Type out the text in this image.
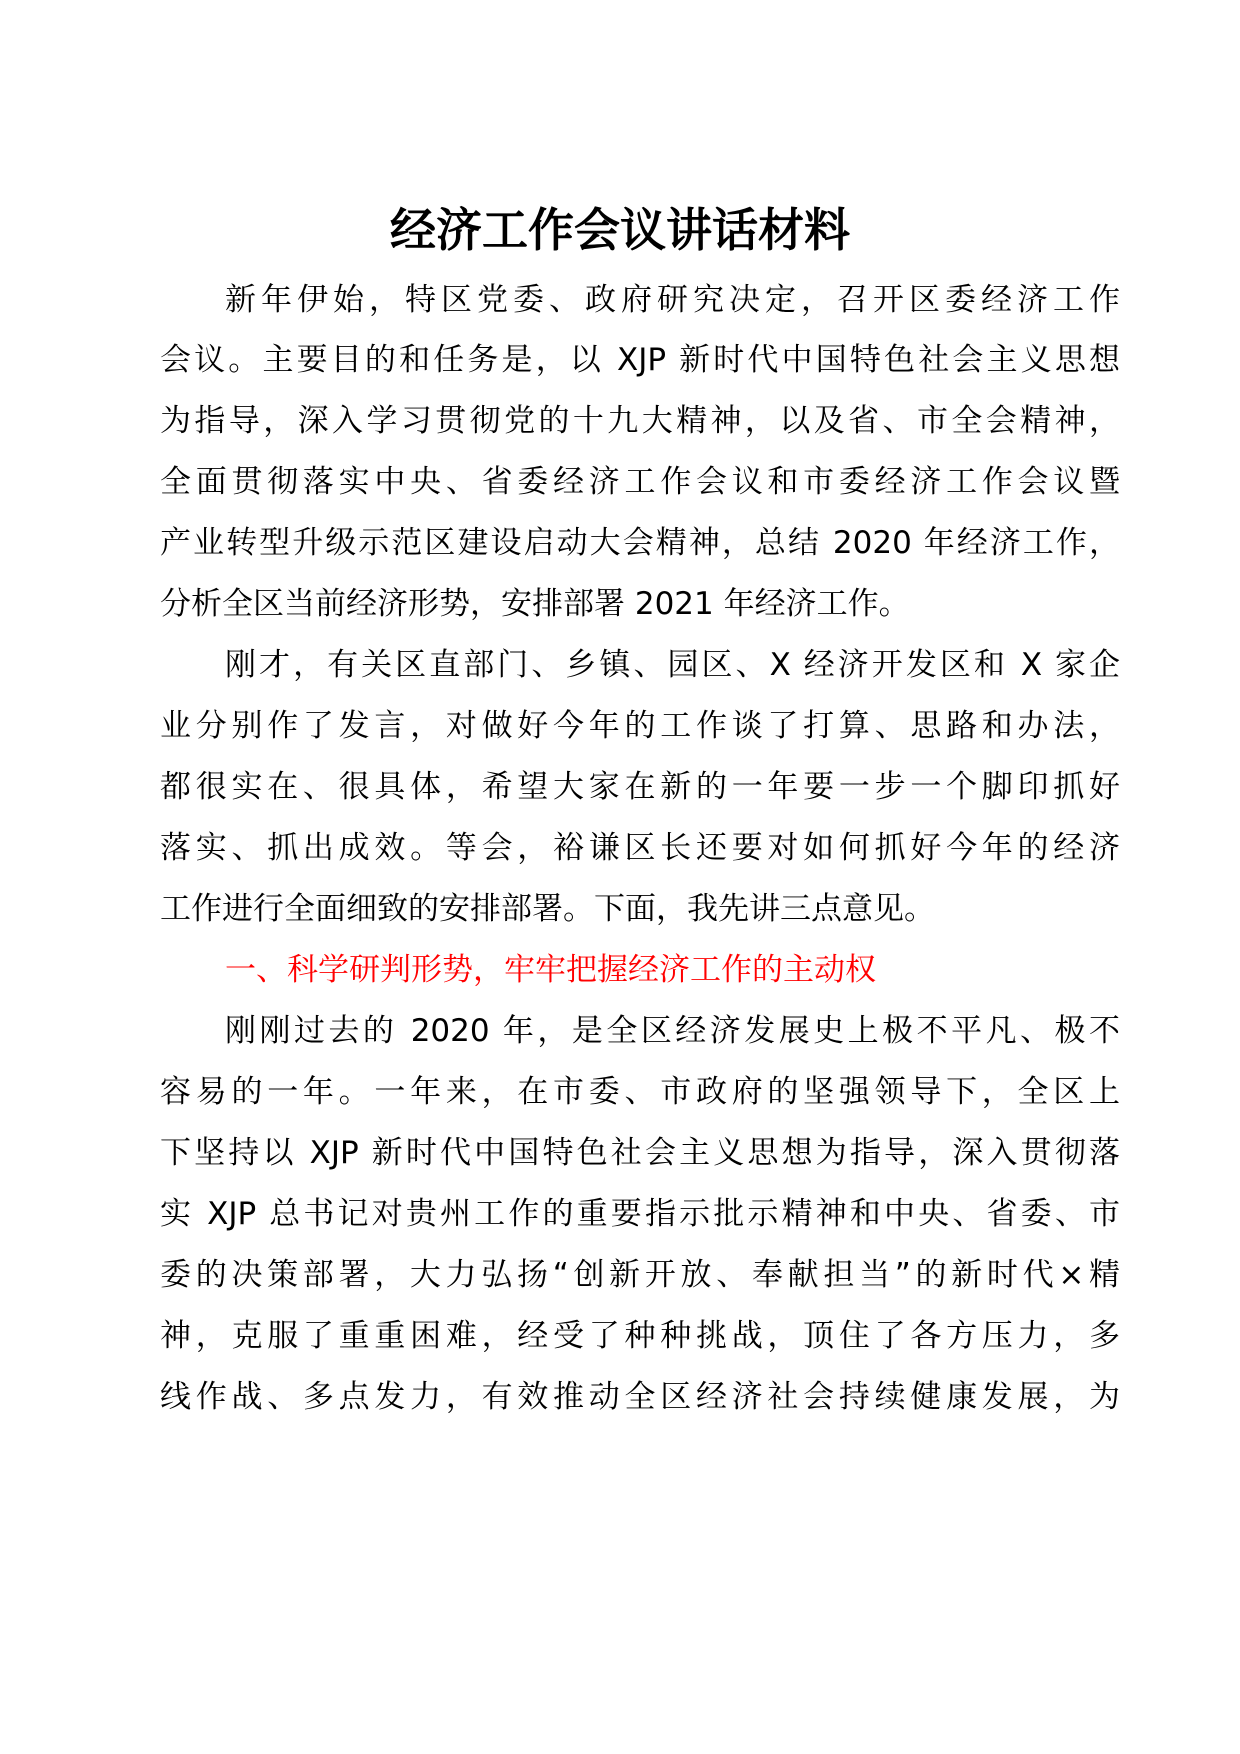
经济工作会议讲话材料
新年伊始，特区党委、政府研究决定，召开区委经济工作
会议。主要目的和任务是，以 XJP 新时代中国特色社会主义思想
为指导，深入学习贯彻党的十九大精神，以及省、市全会精神，
全面贯彻落实中央、省委经济工作会议和市委经济工作会议暨
产业转型升级示范区建设启动大会精神，总结 2020 年经济工作，
分析全区当前经济形势，安排部署 2021 年经济工作。
刚才，有关区直部门、乡镇、园区、X 经济开发区和 X 家企
业分别作了发言，对做好今年的工作谈了打算、思路和办法，
都很实在、很具体，希望大家在新的一年要一步一个脚印抓好
落实、抓出成效。等会，裕谦区长还要对如何抓好今年的经济
工作进行全面细致的安排部署。下面，我先讲三点意见。
一、科学研判形势，牢牢把握经济工作的主动权
刚刚过去的 2020 年，是全区经济发展史上极不平凡、极不
容易的一年。一年来，在市委、市政府的坚强领导下，全区上
下坚持以 XJP 新时代中国特色社会主义思想为指导，深入贯彻落
实 XJP 总书记对贵州工作的重要指示批示精神和中央、省委、市
委的决策部署，大力弘扬“创新开放、奉献担当”的新时代×精
神，克服了重重困难，经受了种种挑战，顶住了各方压力，多
线作战、多点发力，有效推动全区经济社会持续健康发展，为
